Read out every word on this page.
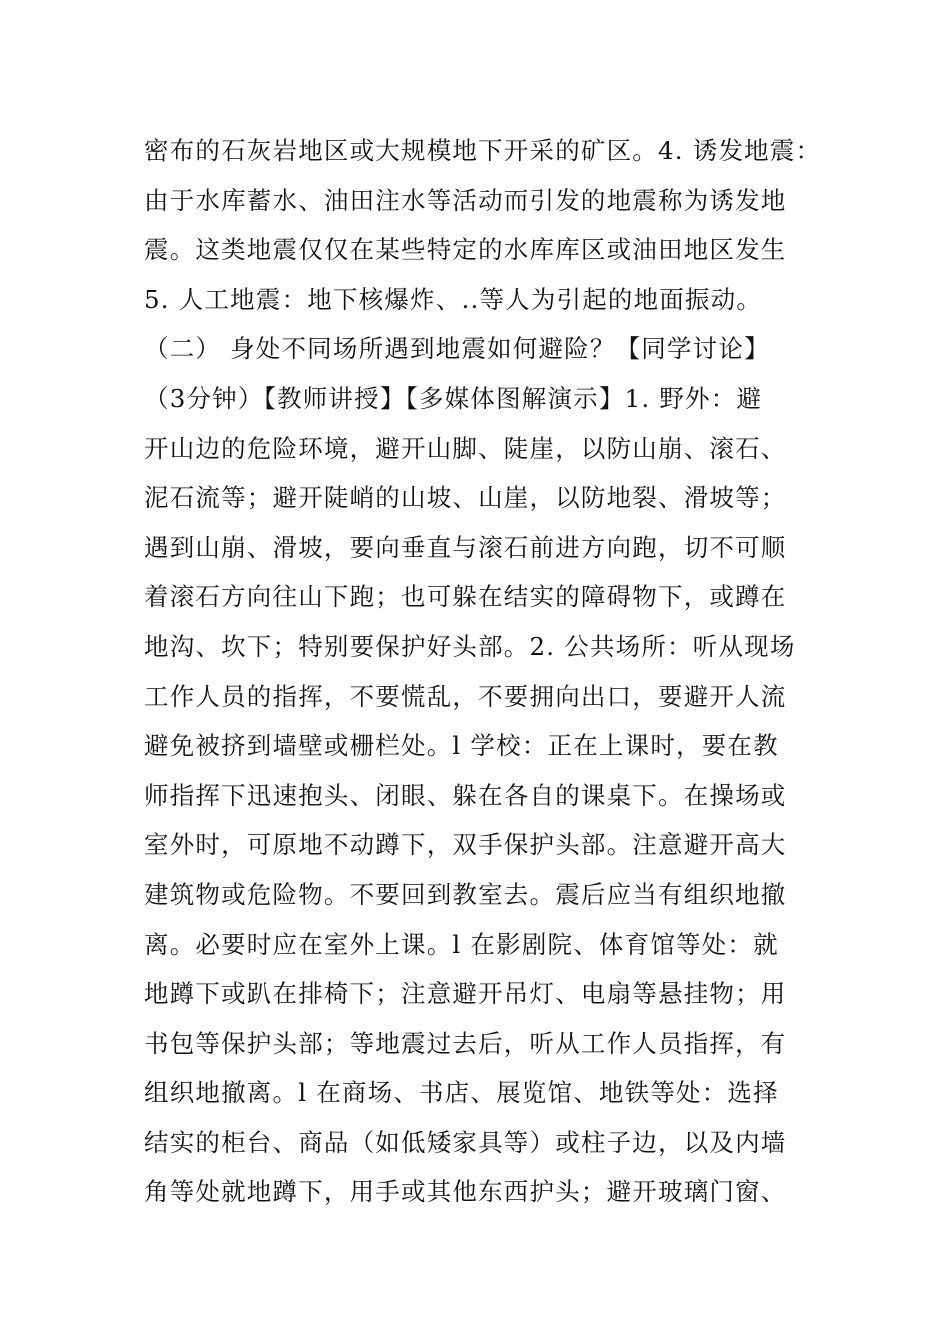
密布的石灰岩地区或大规模地下开采的矿区。4. 诱发地震：
由于水库蓄水、油田注水等活动而引发的地震称为诱发地
震。这类地震仅仅在某些特定的水库库区或油田地区发生
5. 人工地震：地下核爆炸、..等人为引起的地面振动。
（二） 身处不同场所遇到地震如何避险？【同学讨论】
（3分钟）【教师讲授】【多媒体图解演示】1. 野外：避
开山边的危险环境，避开山脚、陡崖，以防山崩、滚石、
泥石流等；避开陡峭的山坡、山崖，以防地裂、滑坡等；
遇到山崩、滑坡，要向垂直与滚石前进方向跑，切不可顺
着滚石方向往山下跑；也可躲在结实的障碍物下，或蹲在
地沟、坎下；特别要保护好头部。2. 公共场所：听从现场
工作人员的指挥，不要慌乱，不要拥向出口，要避开人流
避免被挤到墙壁或栅栏处。l 学校：正在上课时，要在教
师指挥下迅速抱头、闭眼、躲在各自的课桌下。在操场或
室外时，可原地不动蹲下，双手保护头部。注意避开高大
建筑物或危险物。不要回到教室去。震后应当有组织地撤
离。必要时应在室外上课。l 在影剧院、体育馆等处：就
地蹲下或趴在排椅下；注意避开吊灯、电扇等悬挂物；用
书包等保护头部；等地震过去后，听从工作人员指挥，有
组织地撤离。l 在商场、书店、展览馆、地铁等处：选择
结实的柜台、商品（如低矮家具等）或柱子边，以及内墙
角等处就地蹲下，用手或其他东西护头；避开玻璃门窗、
